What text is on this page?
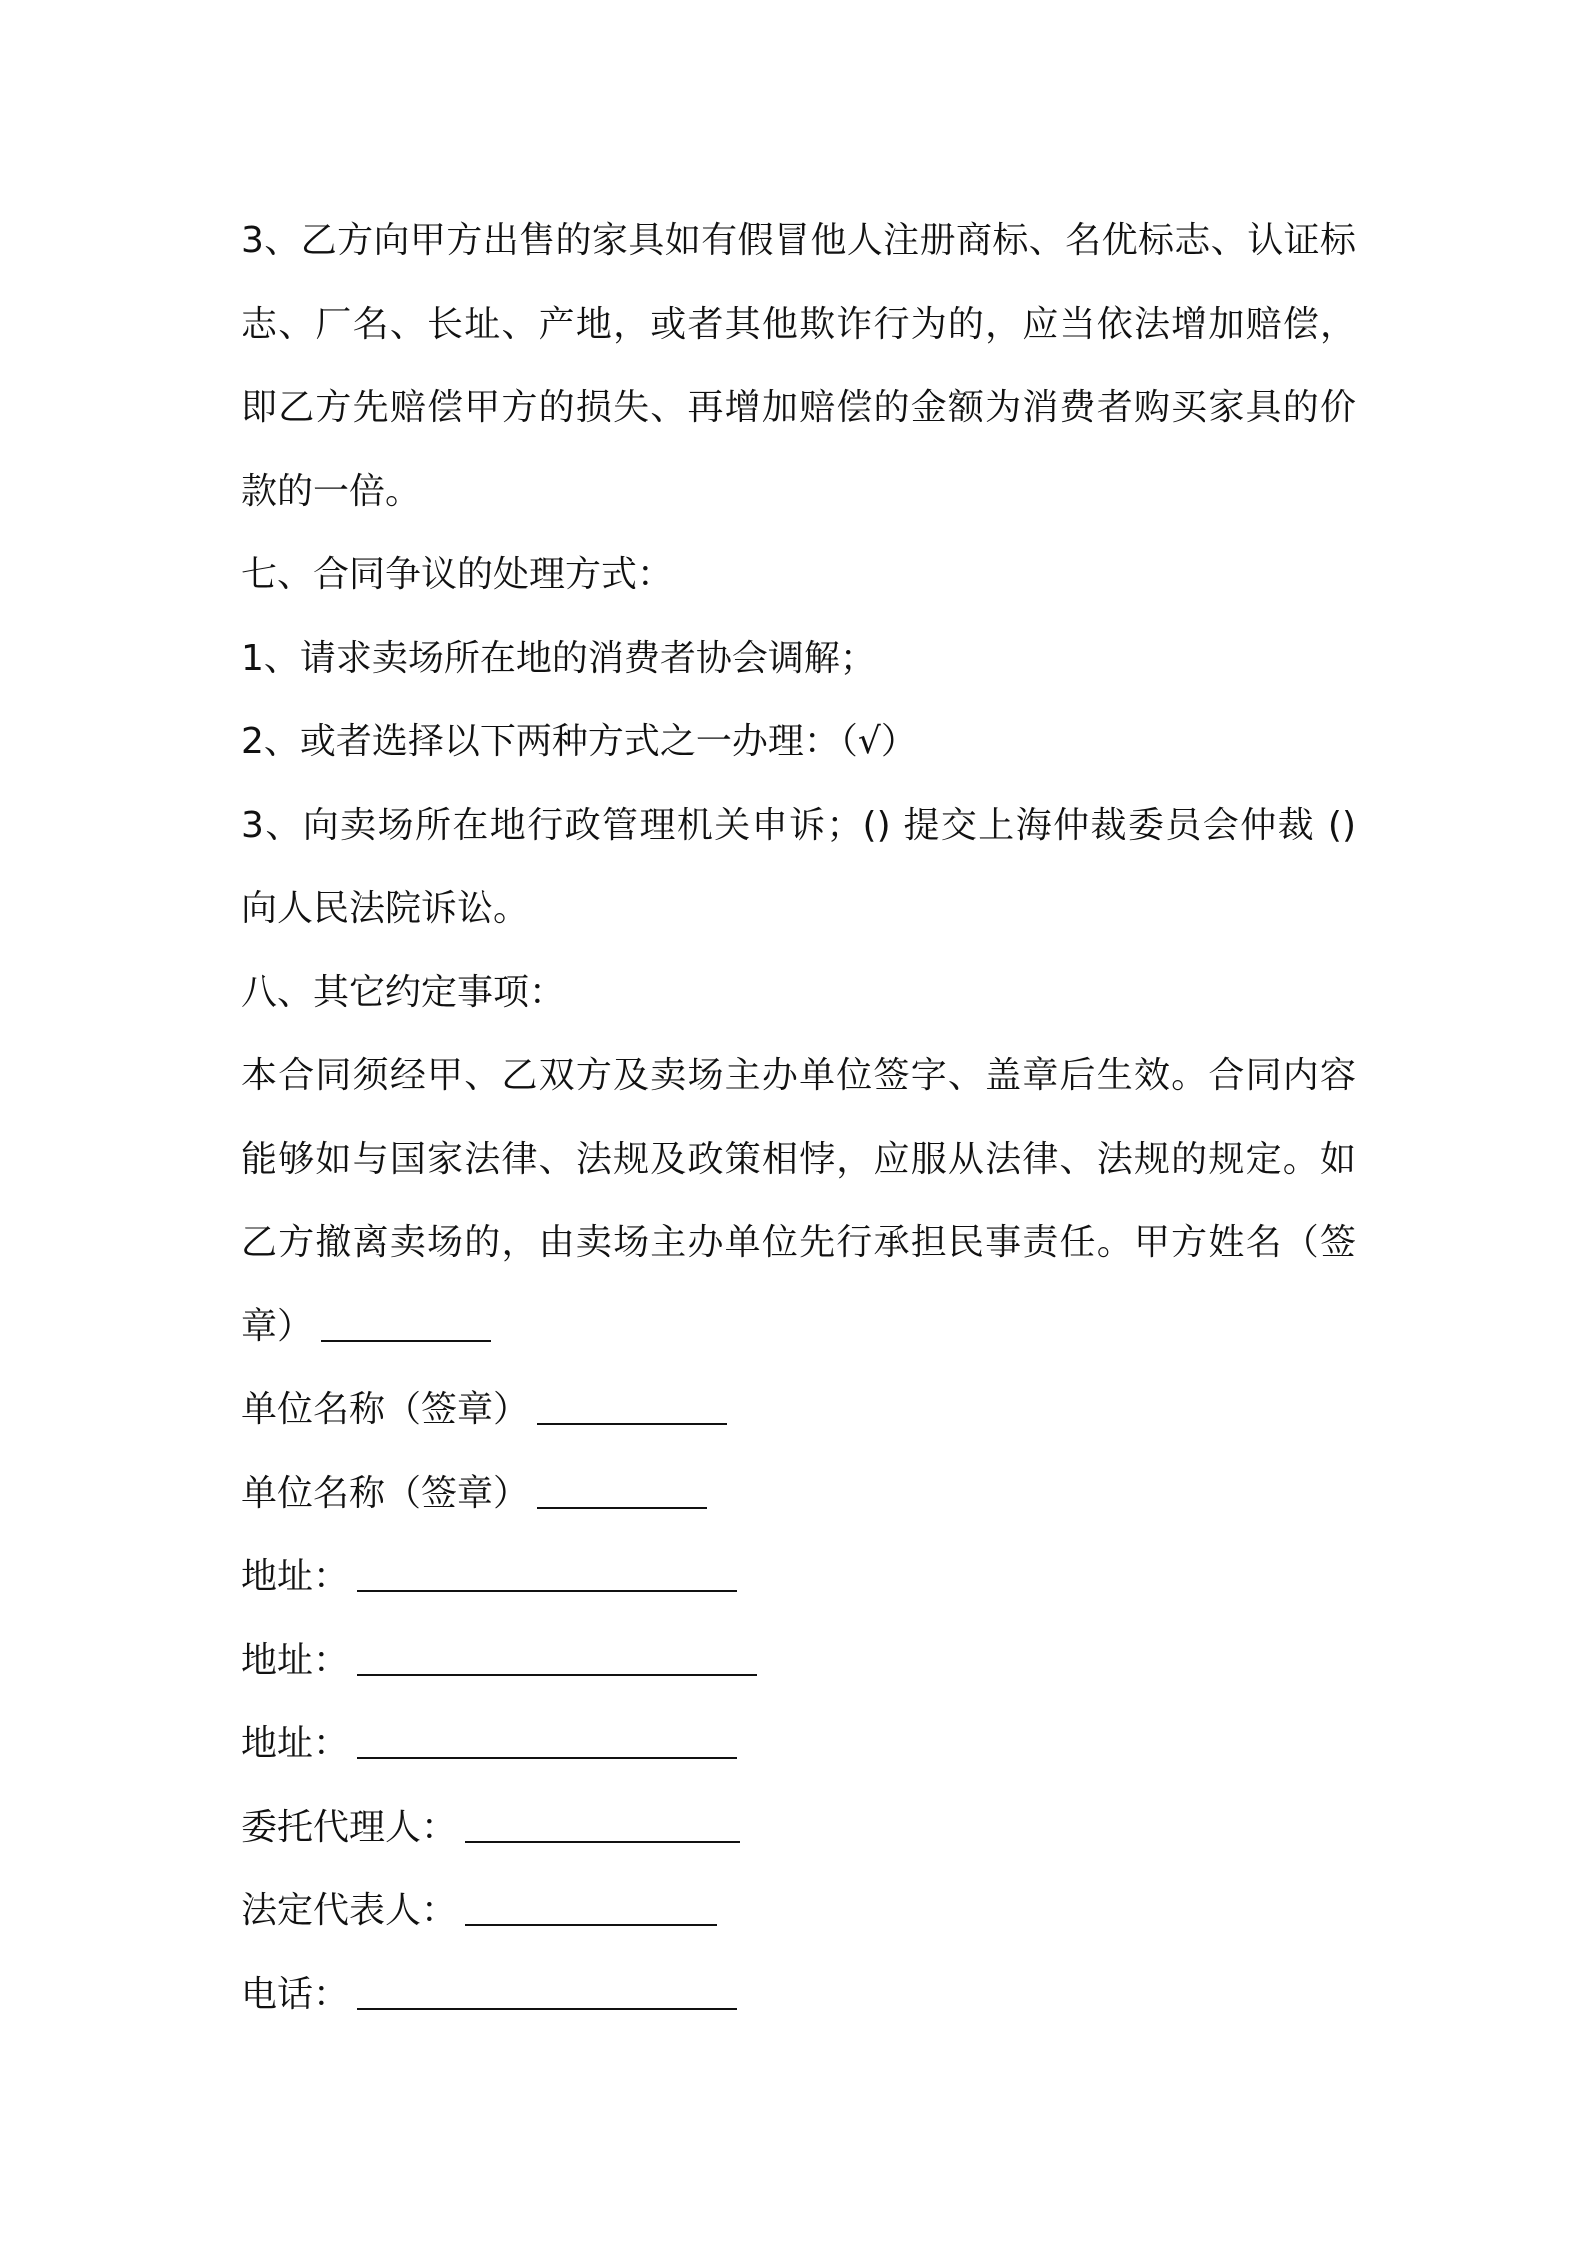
3、乙方向甲方出售的家具如有假冒他人注册商标、名优标志、认证标志、厂名、长址、产地，或者其他欺诈行为的，应当依法增加赔偿，即乙方先赔偿甲方的损失、再增加赔偿的金额为消费者购买家具的价款的一倍。

七、合同争议的处理方式：

1、请求卖场所在地的消费者协会调解；

2、或者选择以下两种方式之一办理：（√）

3、向卖场所在地行政管理机关申诉；() 提交上海仲裁委员会仲裁 () 向人民法院诉讼。

八、其它约定事项：

本合同须经甲、乙双方及卖场主办单位签字、盖章后生效。合同内容能够如与国家法律、法规及政策相悖，应服从法律、法规的规定。如乙方撤离卖场的，由卖场主办单位先行承担民事责任。甲方姓名（签章）

单位名称（签章）
单位名称（签章）
地址：
地址：
地址：
委托代理人：
法定代表人：
电话：
